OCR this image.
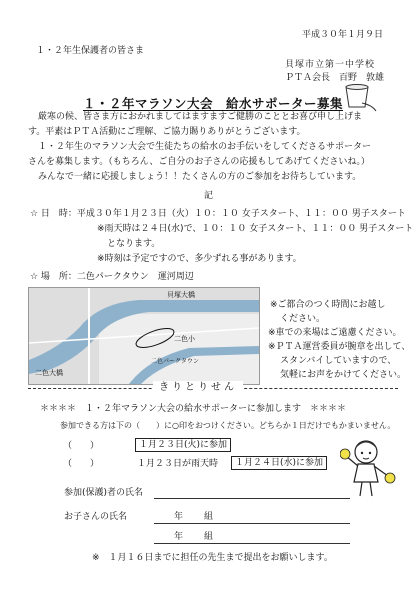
平成３０年１月９日
１・２年生保護者の皆さま
貝塚市立第一中学校
ＰＴＡ会長　百野　敦雄
１・２年マラソン大会　給水サポーター募集
厳寒の候、皆さま方におかれましてはますますご健勝のこととお喜び申し上げま
す。平素はＰＴＡ活動にご理解、ご協力賜りありがとうございます。
１・２年生のマラソン大会で生徒たちの給水のお手伝いをしてくださるサポーター
さんを募集します。（もちろん、ご自分のお子さんの応援もしてあげてくださいね。）
みんなで一緒に応援しましょう！！たくさんの方のご参加をお待ちしています。
記
☆ 日　時：平成３０年１月２３日（火）１０：１０ 女子スタート、１１：００ 男子スタート
※雨天時は２４日(水)で、１０：１０ 女子スタート、１１：００ 男子スタート
となります。
※時刻は予定ですので、多少ずれる事があります。
☆ 場　所：二色パークタウン　運河周辺
貝塚大橋
二色小
二色大橋
二色パークタウン
※ご都合のつく時間にお越し
ください。
※車での来場はご遠慮ください。
※ＰＴＡ運営委員が腕章を出して、
スタンバイしていますので、
気軽にお声をかけてください。
きりとりせん
＊＊＊＊　１・２年マラソン大会の給水サポーターに参加します　＊＊＊＊
参加できる方は下の（　　）に○印をおつけください。どちらか１日だけでもかまいません。
（　　）	１月２３日(火)に参加
（　　）	１月２３日が雨天時	１月２４日(水)に参加
参加(保護)者の氏名
お子さんの氏名	年 組
年 組
※　１月１６日までに担任の先生まで提出をお願いします。
